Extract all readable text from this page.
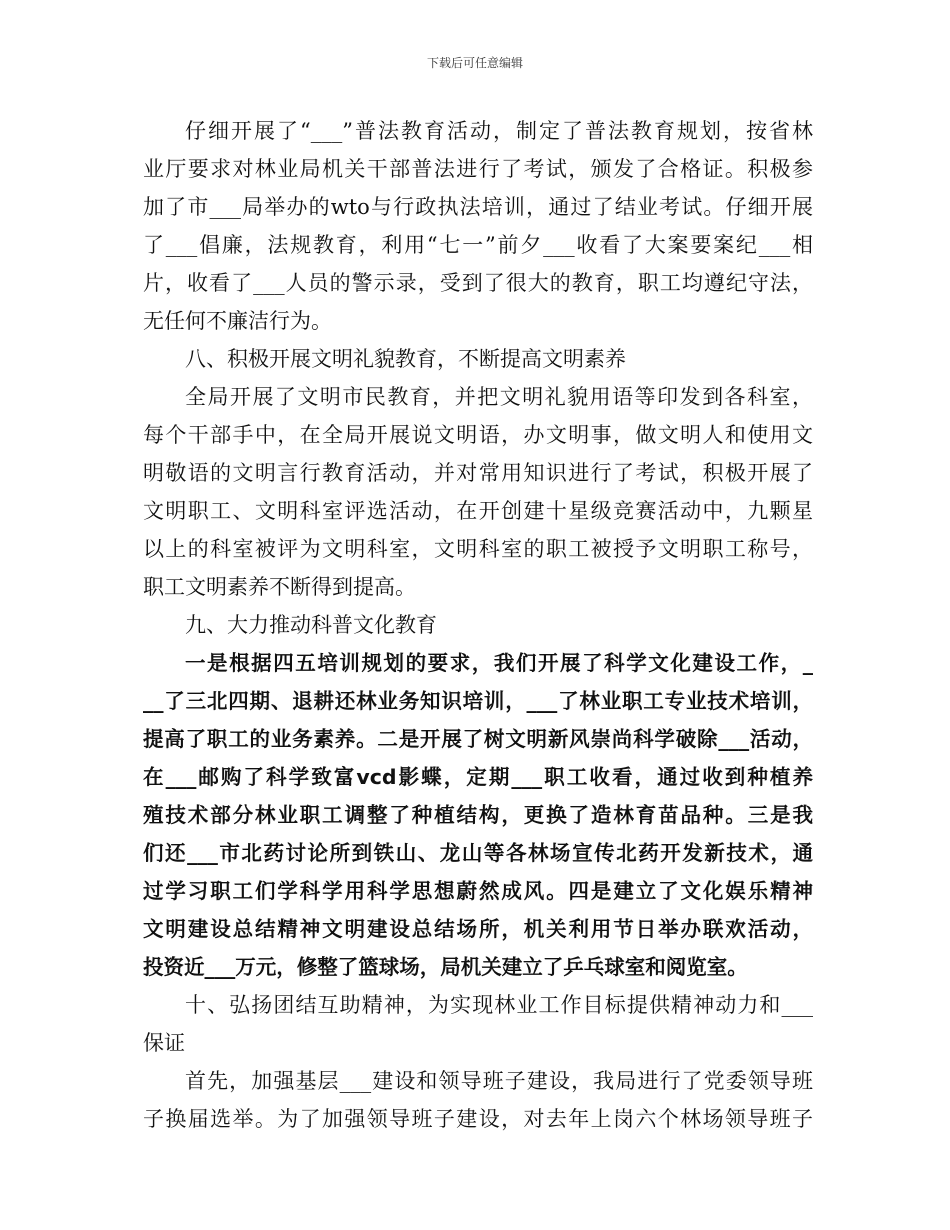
下载后可任意编辑
仔细开展了“___”普法教育活动，制定了普法教育规划，按省林
业厅要求对林业局机关干部普法进行了考试，颁发了合格证。积极参
加了市___局举办的wto与行政执法培训，通过了结业考试。仔细开展
了___倡廉，法规教育，利用“七一”前夕___收看了大案要案纪___相
片，收看了___人员的警示录，受到了很大的教育，职工均遵纪守法，
无任何不廉洁行为。
八、积极开展文明礼貌教育，不断提高文明素养
全局开展了文明市民教育，并把文明礼貌用语等印发到各科室，
每个干部手中，在全局开展说文明语，办文明事，做文明人和使用文
明敬语的文明言行教育活动，并对常用知识进行了考试，积极开展了
文明职工、文明科室评选活动，在开创建十星级竞赛活动中，九颗星
以上的科室被评为文明科室，文明科室的职工被授予文明职工称号，
职工文明素养不断得到提高。
九、大力推动科普文化教育
一是根据四五培训规划的要求，我们开展了科学文化建设工作，_
__了三北四期、退耕还林业务知识培训，___了林业职工专业技术培训，
提高了职工的业务素养。二是开展了树文明新风崇尚科学破除___活动，
在___邮购了科学致富vcd影蝶，定期___职工收看，通过收到种植养
殖技术部分林业职工调整了种植结构，更换了造林育苗品种。三是我
们还___市北药讨论所到铁山、龙山等各林场宣传北药开发新技术，通
过学习职工们学科学用科学思想蔚然成风。四是建立了文化娱乐精神
文明建设总结精神文明建设总结场所，机关利用节日举办联欢活动，
投资近___万元，修整了篮球场，局机关建立了乒乓球室和阅览室。
十、弘扬团结互助精神，为实现林业工作目标提供精神动力和___
保证
首先，加强基层___建设和领导班子建设，我局进行了党委领导班
子换届选举。为了加强领导班子建设，对去年上岗六个林场领导班子
